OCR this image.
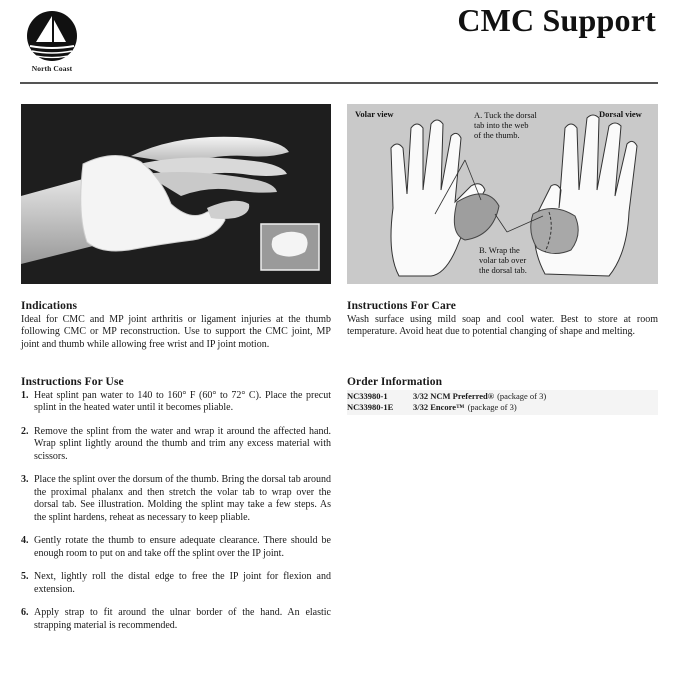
North Coast
CMC Support
Volar view	Dorsal view
A. Tuck the dorsal
tab into the web
of the thumb.
B. Wrap the
volar tab over
the dorsal tab.
Indications

Ideal for CMC and MP joint arthritis or ligament injuries at the thumb following CMC or MP reconstruction. Use to support the CMC joint, MP joint and thumb while allowing free wrist and IP joint motion.

Instructions For Use
1. Heat splint pan water to 140 to 160° F (60° to 72° C). Place the precut splint in the heated water until it becomes pliable.
2. Remove the splint from the water and wrap it around the affected hand. Wrap splint lightly around the thumb and trim any excess material with scissors.
3. Place the splint over the dorsum of the thumb. Bring the dorsal tab around the proximal phalanx and then stretch the volar tab to wrap over the dorsal tab. See illustration. Molding the splint may take a few steps. As the splint hardens, reheat as necessary to keep pliable.
4. Gently rotate the thumb to ensure adequate clearance. There should be enough room to put on and take off the splint over the IP joint.
5. Next, lightly roll the distal edge to free the IP joint for flexion and extension.
6. Apply strap to fit around the ulnar border of the hand. An elastic strapping material is recommended.
Instructions For Care

Wash surface using mild soap and cool water. Best to store at room temperature. Avoid heat due to potential changing of shape and melting.

Order Information
NC33980-1	3/32 NCM Preferred® (package of 3)
NC33980-1E	3/32 Encore™ (package of 3)
